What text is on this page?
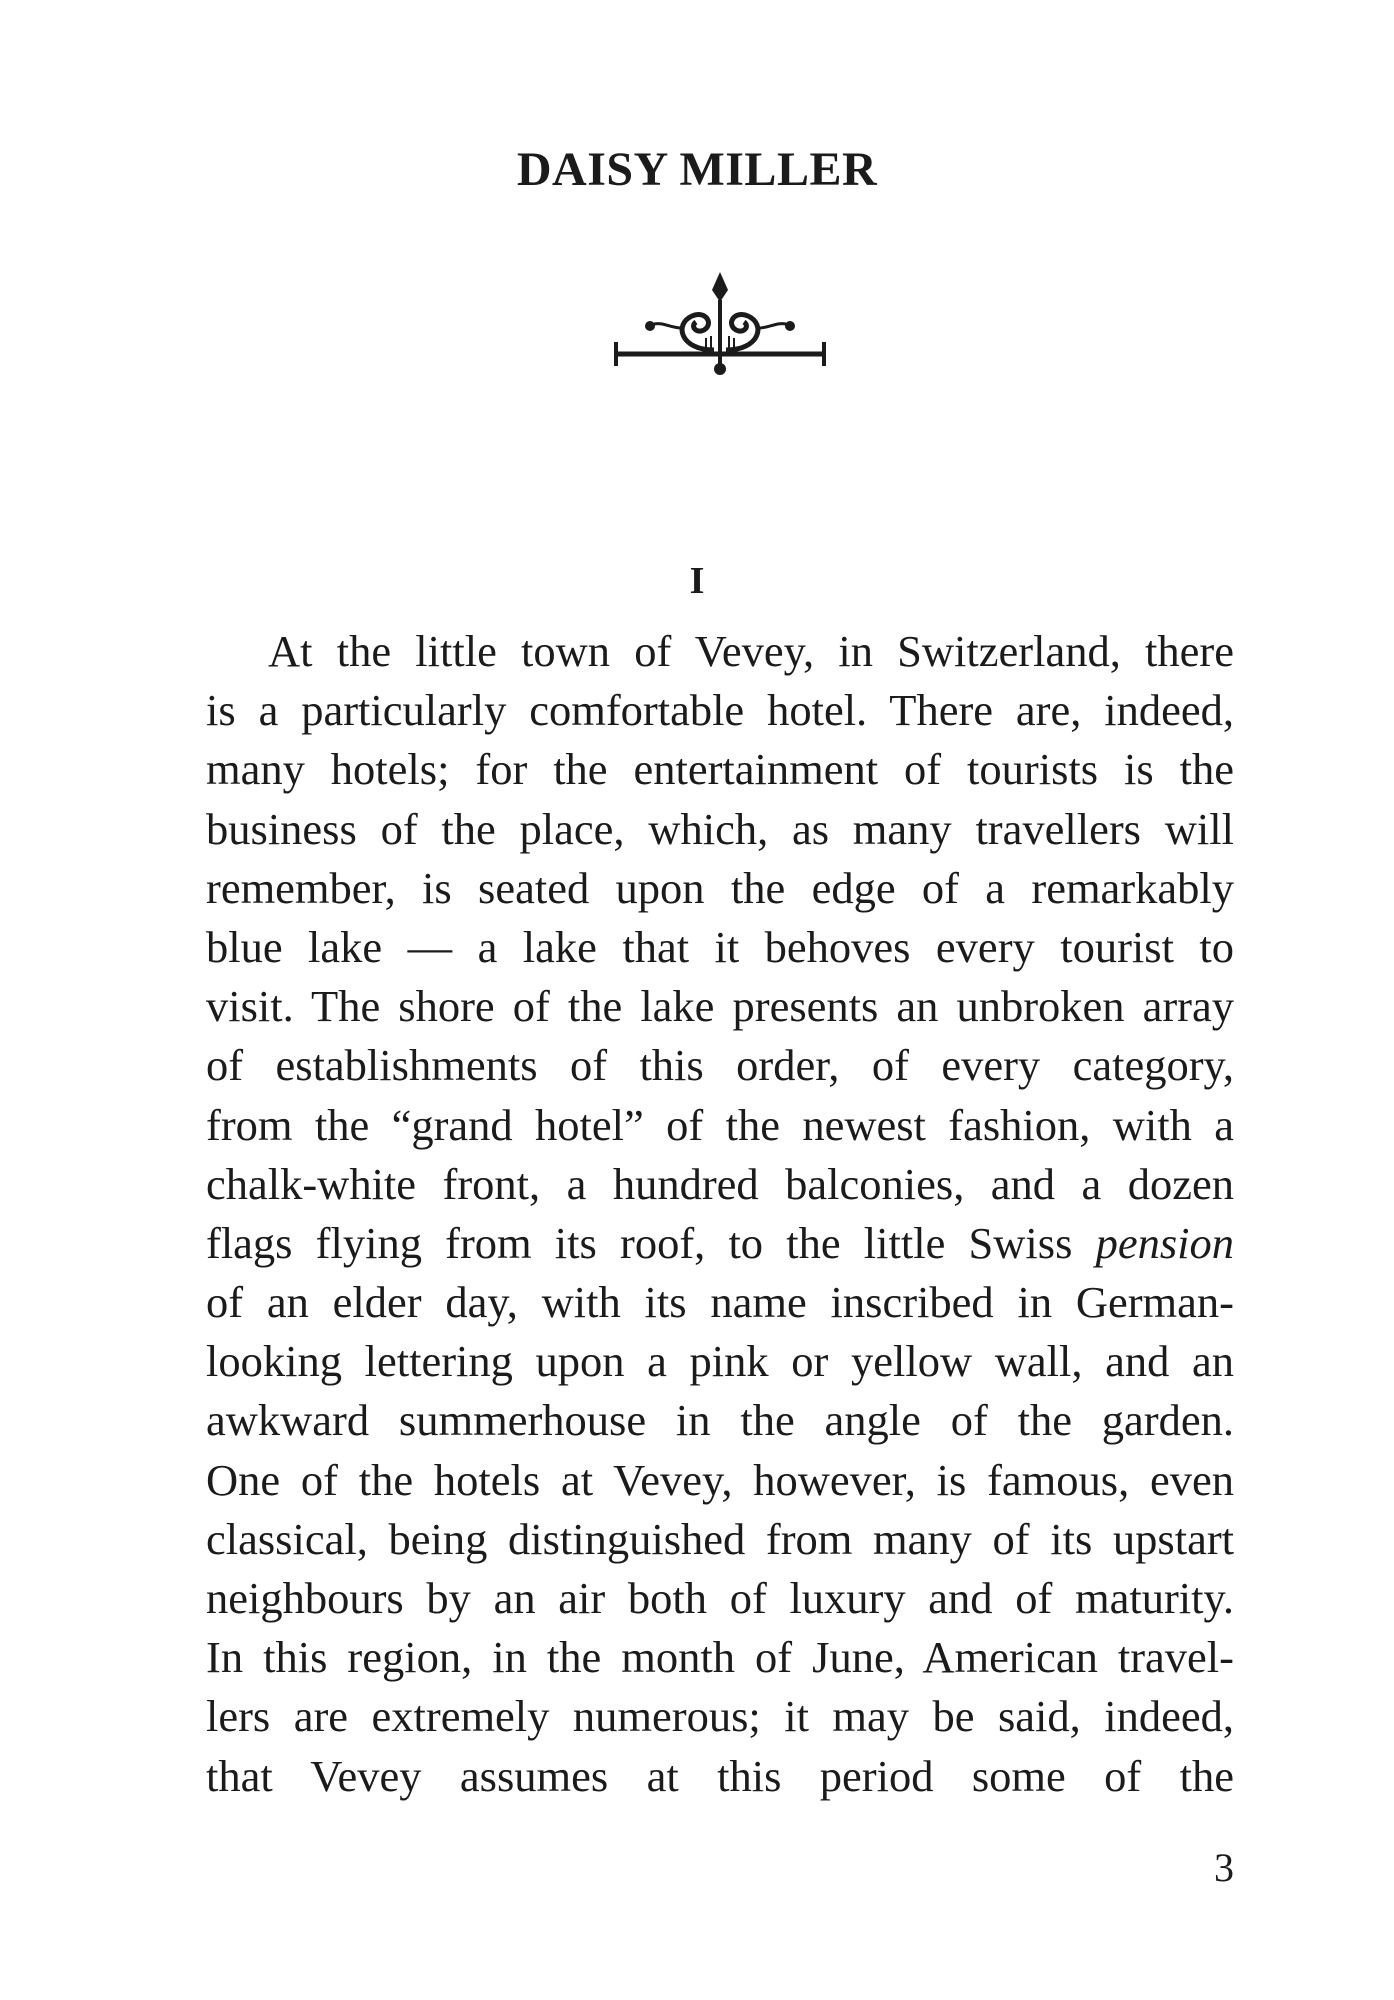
DAISY MILLER
I
At the little town of Vevey, in Switzerland, there
is a particularly comfortable hotel. There are, indeed,
many hotels; for the entertainment of tourists is the
business of the place, which, as many travellers will
remember, is seated upon the edge of a remarkably
blue lake — a lake that it behoves every tourist to
visit. The shore of the lake presents an unbroken array
of establishments of this order, of every category,
from the “grand hotel” of the newest fashion, with a
chalk-white front, a hundred balconies, and a dozen
flags flying from its roof, to the little Swiss pension
of an elder day, with its name inscribed in German-
looking lettering upon a pink or yellow wall, and an
awkward summerhouse in the angle of the garden.
One of the hotels at Vevey, however, is famous, even
classical, being distinguished from many of its upstart
neighbours by an air both of luxury and of maturity.
In this region, in the month of June, American travel-
lers are extremely numerous; it may be said, indeed,
that Vevey assumes at this period some of the
3
